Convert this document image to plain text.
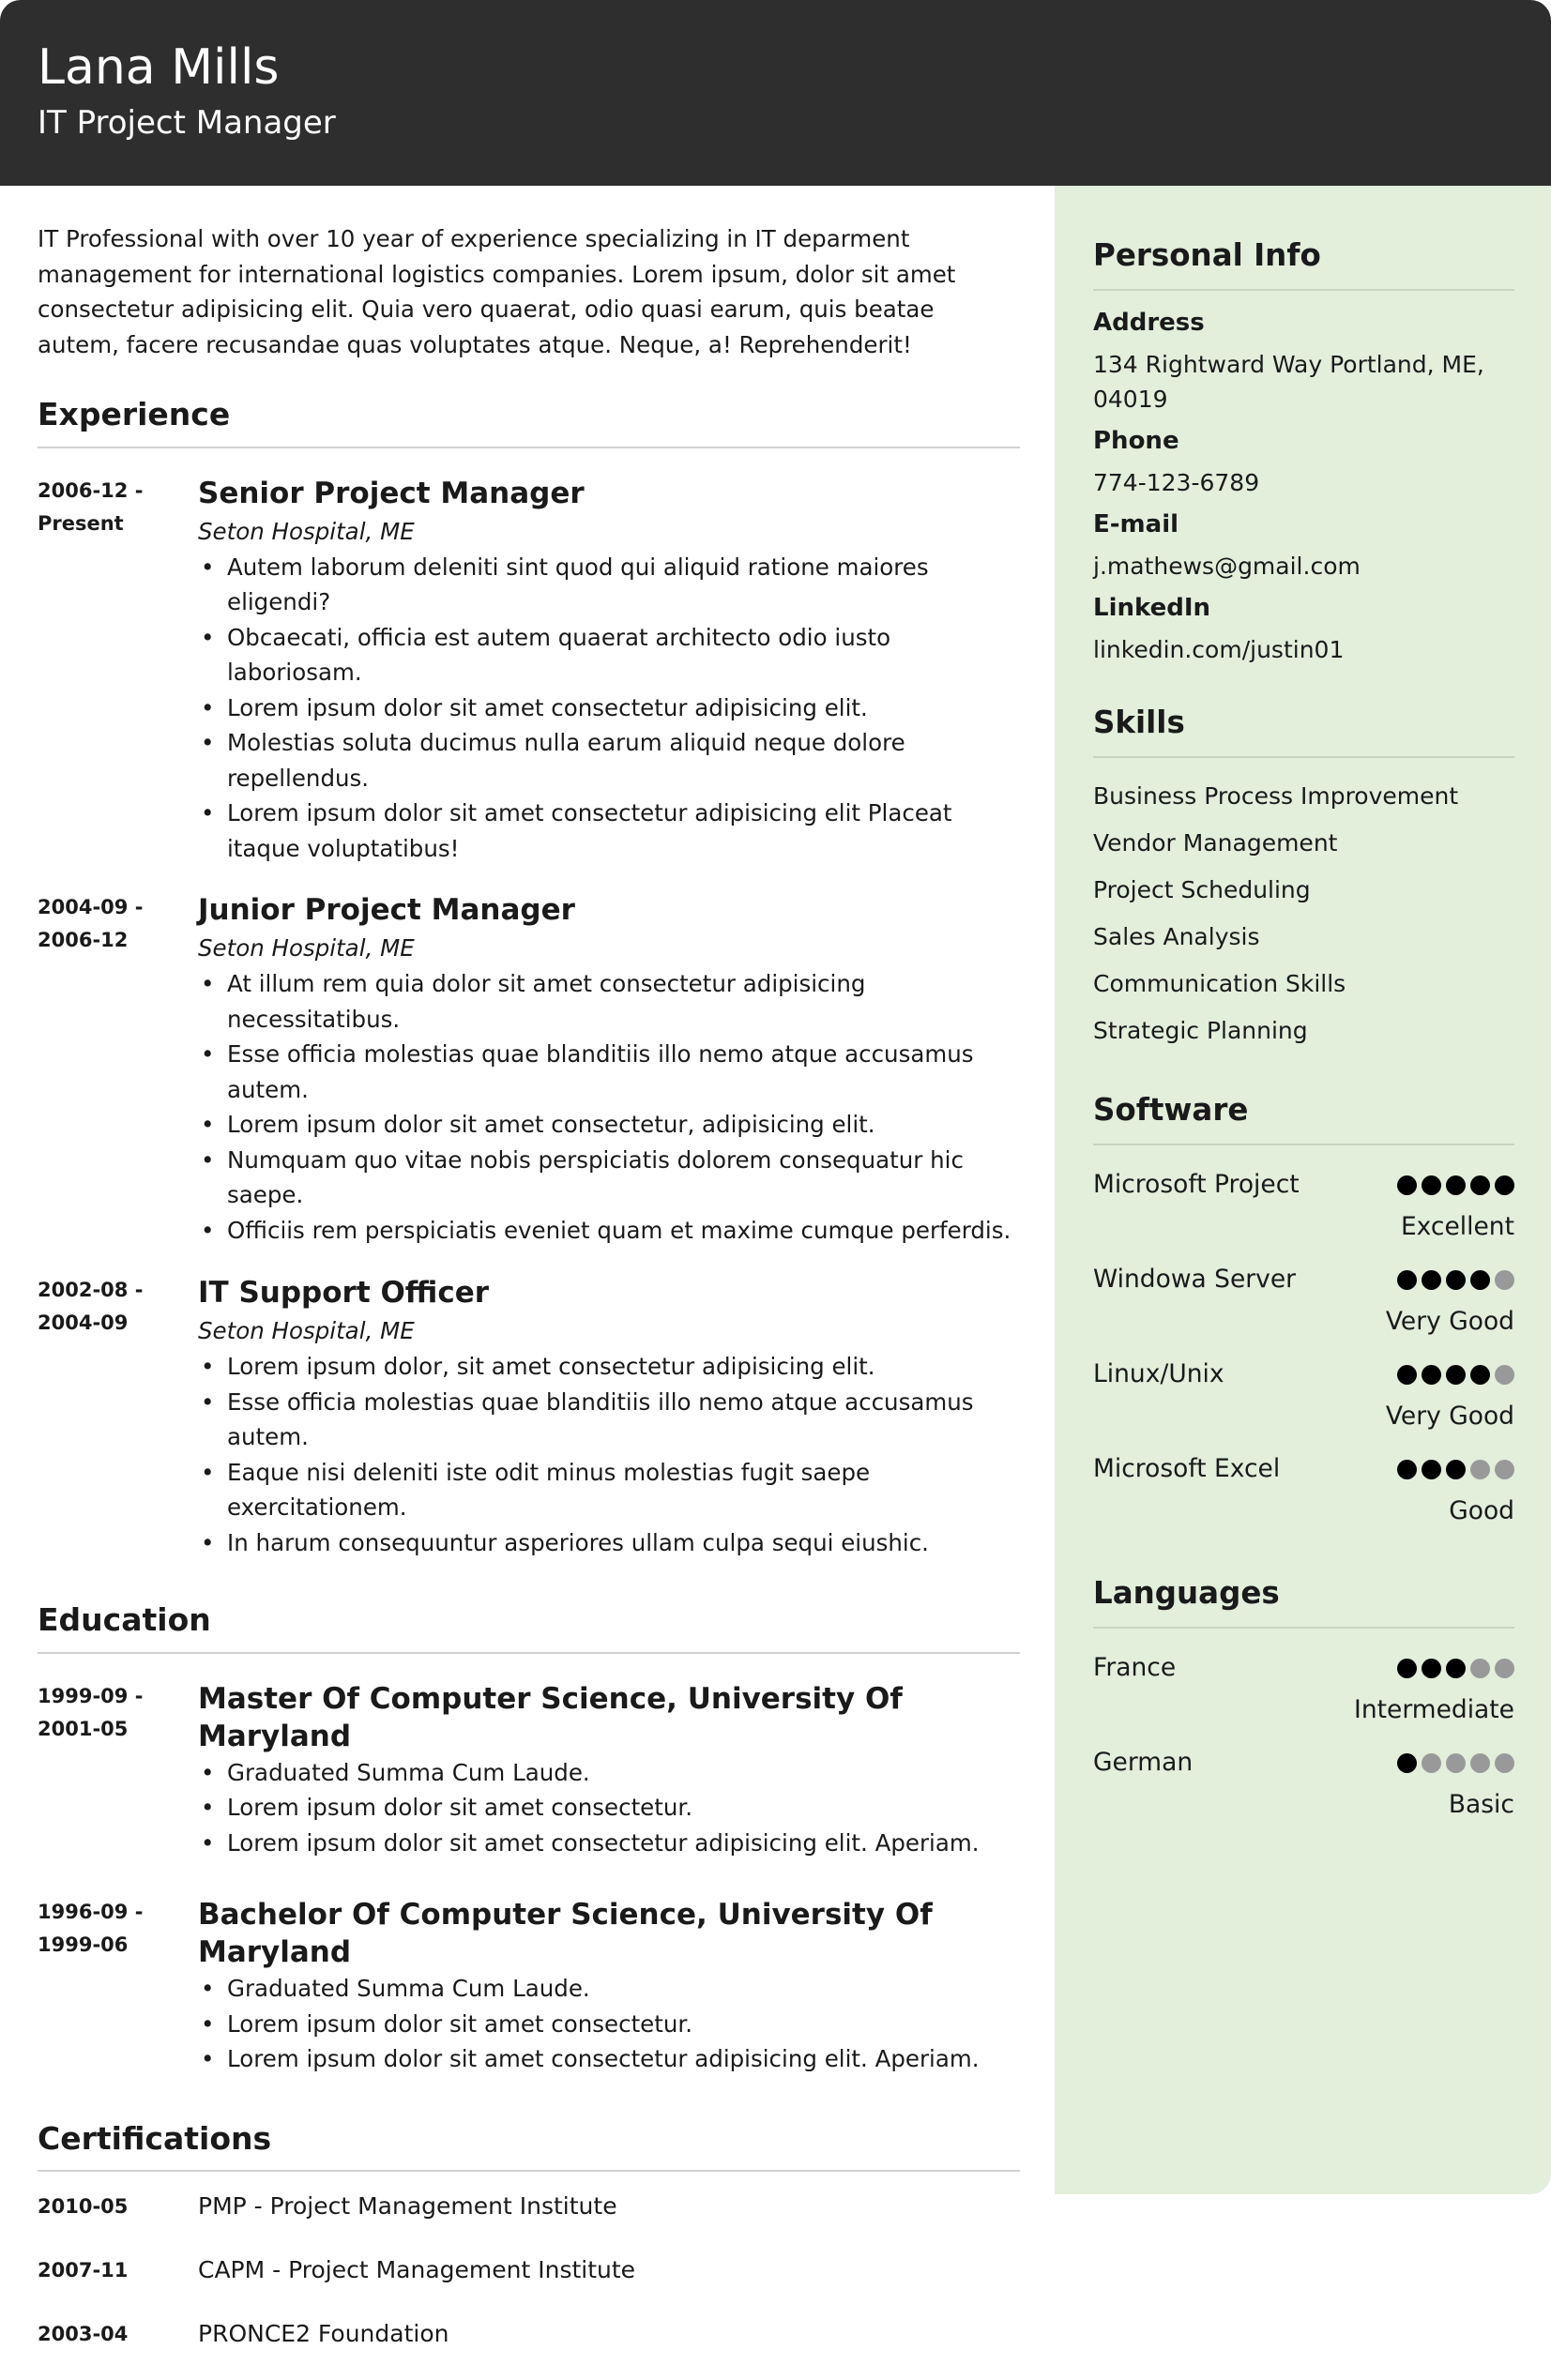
Lana Mills
IT Project Manager

IT Professional with over 10 year of experience specializing in IT deparment management for international logistics companies. Lorem ipsum, dolor sit amet consectetur adipisicing elit. Quia vero quaerat, odio quasi earum, quis beatae autem, facere recusandae quas voluptates atque. Neque, a! Reprehenderit!

Experience
2006-12 -
Present
Senior Project Manager
Seton Hospital, ME
• Autem laborum deleniti sint quod qui aliquid ratione maiores eligendi?
• Obcaecati, officia est autem quaerat architecto odio iusto laboriosam.
• Lorem ipsum dolor sit amet consectetur adipisicing elit.
• Molestias soluta ducimus nulla earum aliquid neque dolore repellendus.
• Lorem ipsum dolor sit amet consectetur adipisicing elit Placeat itaque voluptatibus!
2004-09 -
2006-12
Junior Project Manager
Seton Hospital, ME
• At illum rem quia dolor sit amet consectetur adipisicing necessitatibus.
• Esse officia molestias quae blanditiis illo nemo atque accusamus autem.
• Lorem ipsum dolor sit amet consectetur, adipisicing elit.
• Numquam quo vitae nobis perspiciatis dolorem consequatur hic saepe.
• Officiis rem perspiciatis eveniet quam et maxime cumque perferdis.
2002-08 -
2004-09
IT Support Officer
Seton Hospital, ME
• Lorem ipsum dolor, sit amet consectetur adipisicing elit.
• Esse officia molestias quae blanditiis illo nemo atque accusamus autem.
• Eaque nisi deleniti iste odit minus molestias fugit saepe exercitationem.
• In harum consequuntur asperiores ullam culpa sequi eiushic.
Education
1999-09 -
2001-05
Master Of Computer Science, University Of Maryland
• Graduated Summa Cum Laude.
• Lorem ipsum dolor sit amet consectetur.
• Lorem ipsum dolor sit amet consectetur adipisicing elit. Aperiam.
1996-09 -
1999-06
Bachelor Of Computer Science, University Of Maryland
• Graduated Summa Cum Laude.
• Lorem ipsum dolor sit amet consectetur.
• Lorem ipsum dolor sit amet consectetur adipisicing elit. Aperiam.
Certifications
2010-05	PMP - Project Management Institute
2007-11	CAPM - Project Management Institute
2003-04	PRONCE2 Foundation
Personal Info
Address
134 Rightward Way Portland, ME, 04019
Phone
774-123-6789
E-mail
j.mathews@gmail.com
LinkedIn
linkedin.com/justin01
Skills
Business Process Improvement
Vendor Management
Project Scheduling
Sales Analysis
Communication Skills
Strategic Planning
Software
Microsoft Project
Excellent
Windowa Server
Very Good
Linux/Unix
Very Good
Microsoft Excel
Good
Languages
France
Intermediate
German
Basic
